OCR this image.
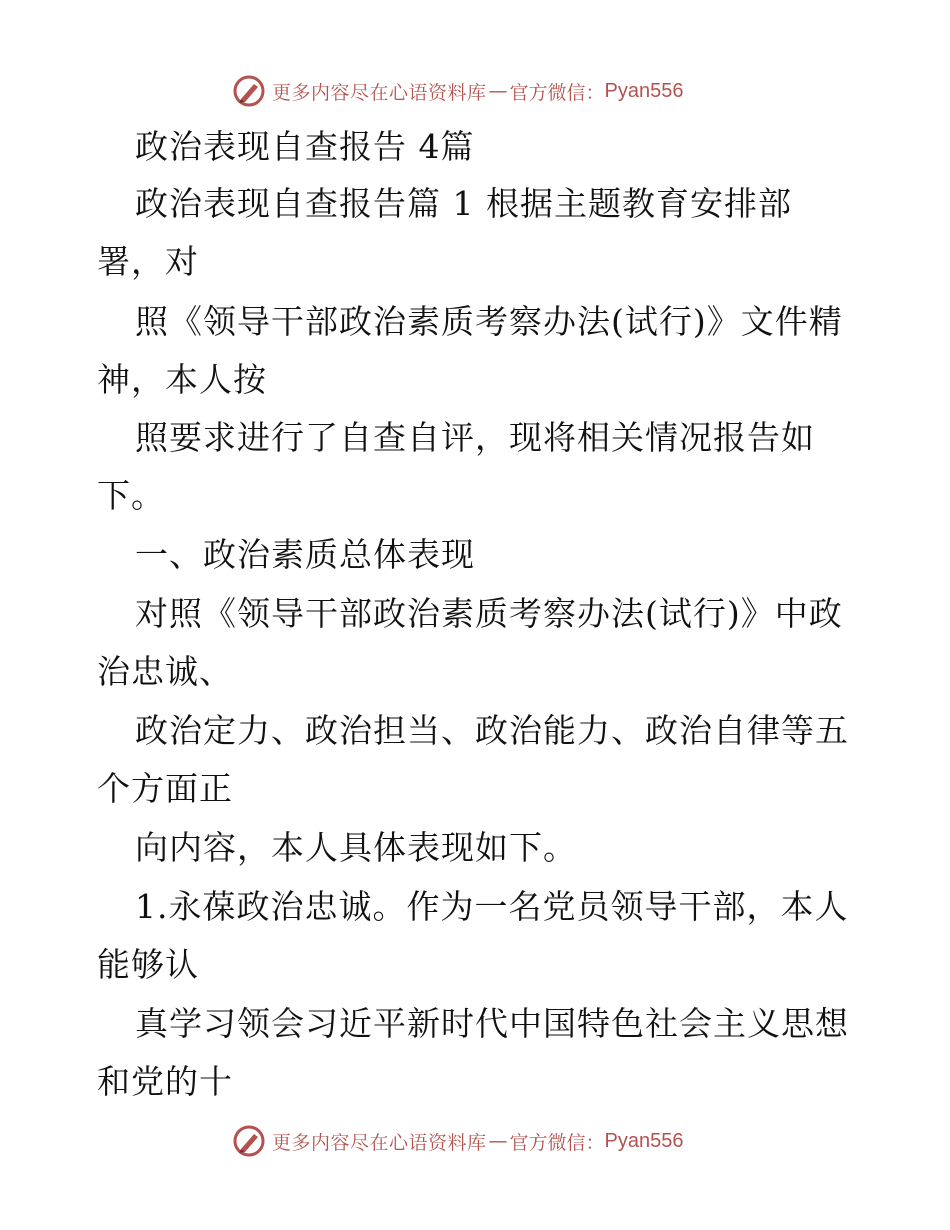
更多内容尽在心语资料库 — 官方微信： Pyan556
政治表现自查报告 4篇
政治表现自查报告篇 1 根据主题教育安排部
署，对
照《领导干部政治素质考察办法(试行)》文件精
神，本人按
照要求进行了自查自评，现将相关情况报告如
下。
一、政治素质总体表现
对照《领导干部政治素质考察办法(试行)》中政
治忠诚、
政治定力、政治担当、政治能力、政治自律等五
个方面正
向内容，本人具体表现如下。
1.永葆政治忠诚。作为一名党员领导干部，本人
能够认
真学习领会习近平新时代中国特色社会主义思想
和党的十
更多内容尽在心语资料库 — 官方微信： Pyan556
